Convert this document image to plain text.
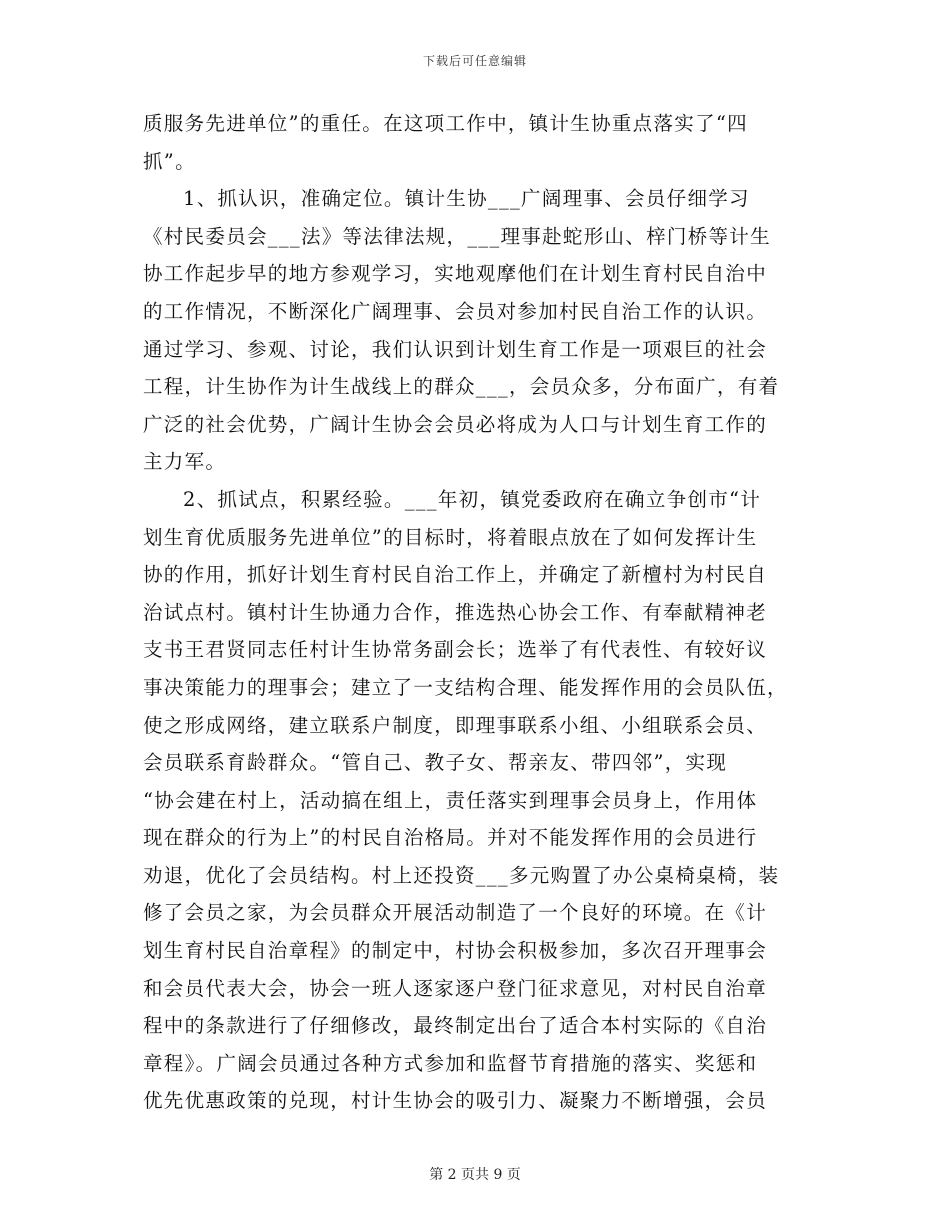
下载后可任意编辑
质服务先进单位”的重任。在这项工作中，镇计生协重点落实了“四
抓”。
1、抓认识，准确定位。镇计生协___广阔理事、会员仔细学习
《村民委员会___法》等法律法规，___理事赴蛇形山、梓门桥等计生
协工作起步早的地方参观学习，实地观摩他们在计划生育村民自治中
的工作情况，不断深化广阔理事、会员对参加村民自治工作的认识。
通过学习、参观、讨论，我们认识到计划生育工作是一项艰巨的社会
工程，计生协作为计生战线上的群众___，会员众多，分布面广，有着
广泛的社会优势，广阔计生协会会员必将成为人口与计划生育工作的
主力军。
2、抓试点，积累经验。___年初，镇党委政府在确立争创市“计
划生育优质服务先进单位”的目标时，将着眼点放在了如何发挥计生
协的作用，抓好计划生育村民自治工作上，并确定了新檀村为村民自
治试点村。镇村计生协通力合作，推选热心协会工作、有奉献精神老
支书王君贤同志任村计生协常务副会长；选举了有代表性、有较好议
事决策能力的理事会；建立了一支结构合理、能发挥作用的会员队伍，
使之形成网络，建立联系户制度，即理事联系小组、小组联系会员、
会员联系育龄群众。“管自己、教子女、帮亲友、带四邻”，实现
“协会建在村上，活动搞在组上，责任落实到理事会员身上，作用体
现在群众的行为上”的村民自治格局。并对不能发挥作用的会员进行
劝退，优化了会员结构。村上还投资___多元购置了办公桌椅桌椅，装
修了会员之家，为会员群众开展活动制造了一个良好的环境。在《计
划生育村民自治章程》的制定中，村协会积极参加，多次召开理事会
和会员代表大会，协会一班人逐家逐户登门征求意见，对村民自治章
程中的条款进行了仔细修改，最终制定出台了适合本村实际的《自治
章程》。广阔会员通过各种方式参加和监督节育措施的落实、奖惩和
优先优惠政策的兑现，村计生协会的吸引力、凝聚力不断增强，会员
第 2 页共 9 页
